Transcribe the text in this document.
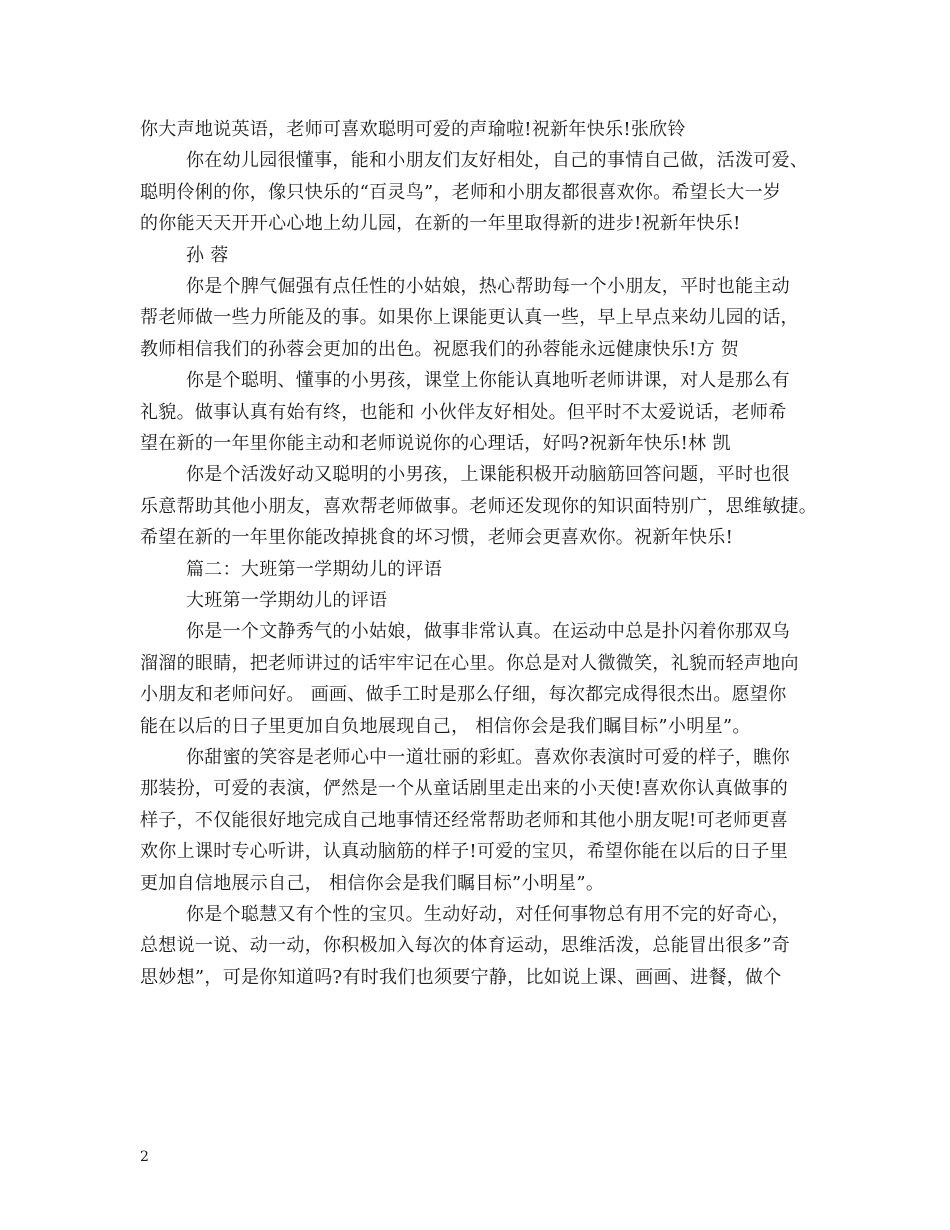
你大声地说英语，老师可喜欢聪明可爱的声瑜啦!祝新年快乐!张欣铃
你在幼儿园很懂事，能和小朋友们友好相处，自己的事情自己做，活泼可爱、
聪明伶俐的你，像只快乐的“百灵鸟”，老师和小朋友都很喜欢你。希望长大一岁
的你能天天开开心心地上幼儿园，在新的一年里取得新的进步!祝新年快乐!
孙 蓉
你是个脾气倔强有点任性的小姑娘，热心帮助每一个小朋友，平时也能主动
帮老师做一些力所能及的事。如果你上课能更认真一些，早上早点来幼儿园的话，
教师相信我们的孙蓉会更加的出色。祝愿我们的孙蓉能永远健康快乐!方 贺
你是个聪明、懂事的小男孩，课堂上你能认真地听老师讲课，对人是那么有
礼貌。做事认真有始有终，也能和 小伙伴友好相处。但平时不太爱说话，老师希
望在新的一年里你能主动和老师说说你的心理话，好吗?祝新年快乐!林 凯
你是个活泼好动又聪明的小男孩，上课能积极开动脑筋回答问题，平时也很
乐意帮助其他小朋友，喜欢帮老师做事。老师还发现你的知识面特别广，思维敏捷。
希望在新的一年里你能改掉挑食的坏习惯，老师会更喜欢你。祝新年快乐!
篇二：大班第一学期幼儿的评语
大班第一学期幼儿的评语
你是一个文静秀气的小姑娘，做事非常认真。在运动中总是扑闪着你那双乌
溜溜的眼睛，把老师讲过的话牢牢记在心里。你总是对人微微笑，礼貌而轻声地向
小朋友和老师问好。 画画、做手工时是那么仔细，每次都完成得很杰出。愿望你
能在以后的日子里更加自负地展现自己， 相信你会是我们瞩目标”小明星”。
你甜蜜的笑容是老师心中一道壮丽的彩虹。喜欢你表演时可爱的样子，瞧你
那装扮，可爱的表演，俨然是一个从童话剧里走出来的小天使!喜欢你认真做事的
样子，不仅能很好地完成自己地事情还经常帮助老师和其他小朋友呢!可老师更喜
欢你上课时专心听讲，认真动脑筋的样子!可爱的宝贝，希望你能在以后的日子里
更加自信地展示自己， 相信你会是我们瞩目标”小明星”。
你是个聪慧又有个性的宝贝。生动好动，对任何事物总有用不完的好奇心，
总想说一说、动一动，你积极加入每次的体育运动，思维活泼，总能冒出很多”奇
思妙想”，可是你知道吗?有时我们也须要宁静，比如说上课、画画、进餐，做个
2
